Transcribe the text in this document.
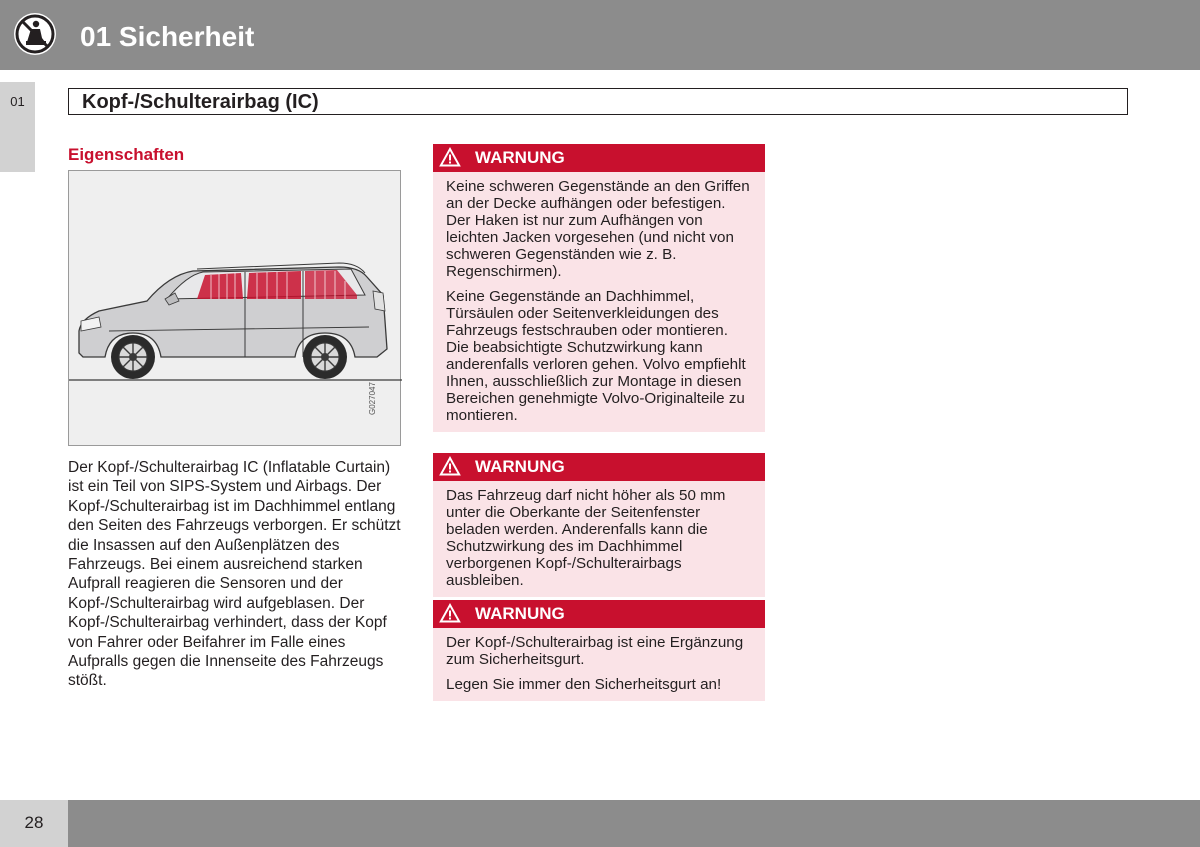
01 Sicherheit
01	Kopf-/Schulterairbag (IC)
Eigenschaften
G027047
Der Kopf-/Schulterairbag IC (Inflatable Curtain) ist ein Teil von SIPS-System und Airbags. Der Kopf-/Schulterairbag ist im Dachhimmel entlang den Seiten des Fahrzeugs verborgen. Er schützt die Insassen auf den Außenplätzen des Fahrzeugs. Bei einem ausreichend starken Aufprall reagieren die Sensoren und der Kopf-/Schulterairbag wird aufgeblasen. Der Kopf-/Schulterairbag verhindert, dass der Kopf von Fahrer oder Beifahrer im Falle eines Aufpralls gegen die Innenseite des Fahrzeugs stößt.
WARNUNG

Keine schweren Gegenstände an den Griffen an der Decke aufhängen oder befestigen. Der Haken ist nur zum Aufhängen von leichten Jacken vorgesehen (und nicht von schweren Gegenständen wie z. B. Regenschirmen).

Keine Gegenstände an Dachhimmel, Türsäulen oder Seitenverkleidungen des Fahrzeugs festschrauben oder montieren. Die beabsichtigte Schutzwirkung kann anderenfalls verloren gehen. Volvo empfiehlt Ihnen, ausschließlich zur Montage in diesen Bereichen genehmigte Volvo-Originalteile zu montieren.

WARNUNG

Das Fahrzeug darf nicht höher als 50 mm unter die Oberkante der Seitenfenster beladen werden. Anderenfalls kann die Schutzwirkung des im Dachhimmel verborgenen Kopf-/Schulterairbags ausbleiben.

WARNUNG

Der Kopf-/Schulterairbag ist eine Ergänzung zum Sicherheitsgurt.

Legen Sie immer den Sicherheitsgurt an!

28
